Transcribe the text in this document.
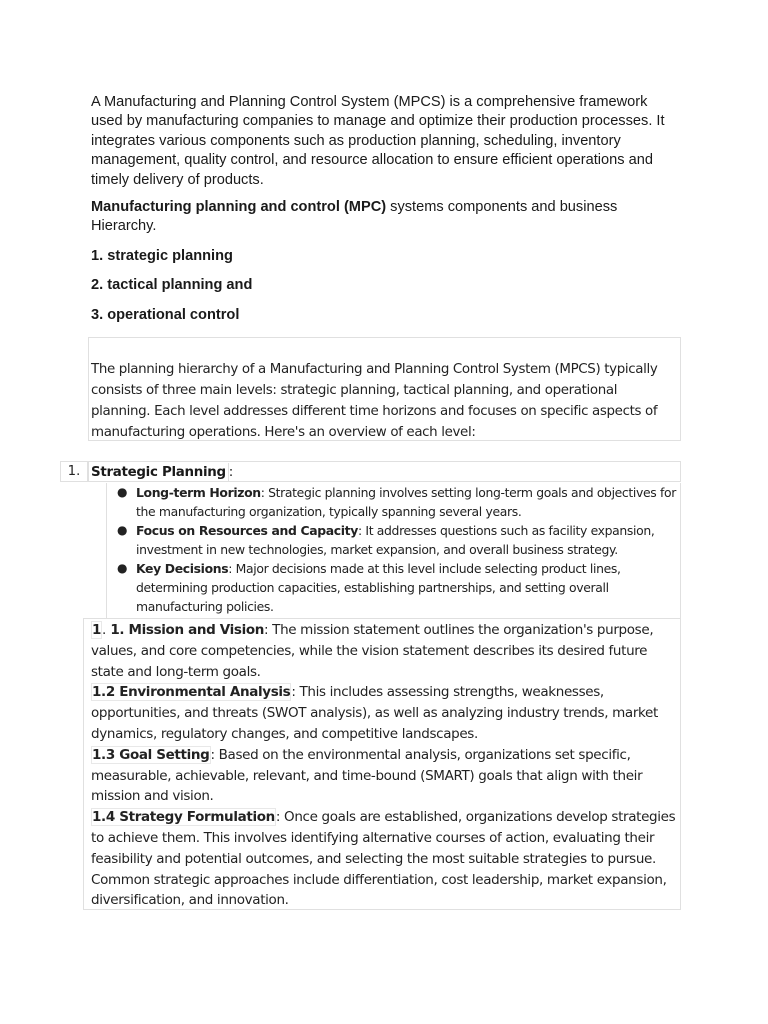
A Manufacturing and Planning Control System (MPCS) is a comprehensive framework used by manufacturing companies to manage and optimize their production processes. It integrates various components such as production planning, scheduling, inventory management, quality control, and resource allocation to ensure efficient operations and timely delivery of products.
Manufacturing planning and control (MPC) systems components and business Hierarchy.
1. strategic planning
2. tactical planning and
3. operational control
The planning hierarchy of a Manufacturing and Planning Control System (MPCS) typically consists of three main levels: strategic planning, tactical planning, and operational planning. Each level addresses different time horizons and focuses on specific aspects of manufacturing operations. Here's an overview of each level:
1. Strategic Planning :
● Long-term Horizon: Strategic planning involves setting long-term goals and objectives for the manufacturing organization, typically spanning several years.
● Focus on Resources and Capacity: It addresses questions such as facility expansion, investment in new technologies, market expansion, and overall business strategy.
● Key Decisions: Major decisions made at this level include selecting product lines, determining production capacities, establishing partnerships, and setting overall manufacturing policies.

1. 1. Mission and Vision: The mission statement outlines the organization's purpose, values, and core competencies, while the vision statement describes its desired future state and long-term goals.

1.2 Environmental Analysis: This includes assessing strengths, weaknesses, opportunities, and threats (SWOT analysis), as well as analyzing industry trends, market dynamics, regulatory changes, and competitive landscapes.

1.3 Goal Setting: Based on the environmental analysis, organizations set specific, measurable, achievable, relevant, and time-bound (SMART) goals that align with their mission and vision.

1.4 Strategy Formulation: Once goals are established, organizations develop strategies to achieve them. This involves identifying alternative courses of action, evaluating their feasibility and potential outcomes, and selecting the most suitable strategies to pursue. Common strategic approaches include differentiation, cost leadership, market expansion, diversification, and innovation.
